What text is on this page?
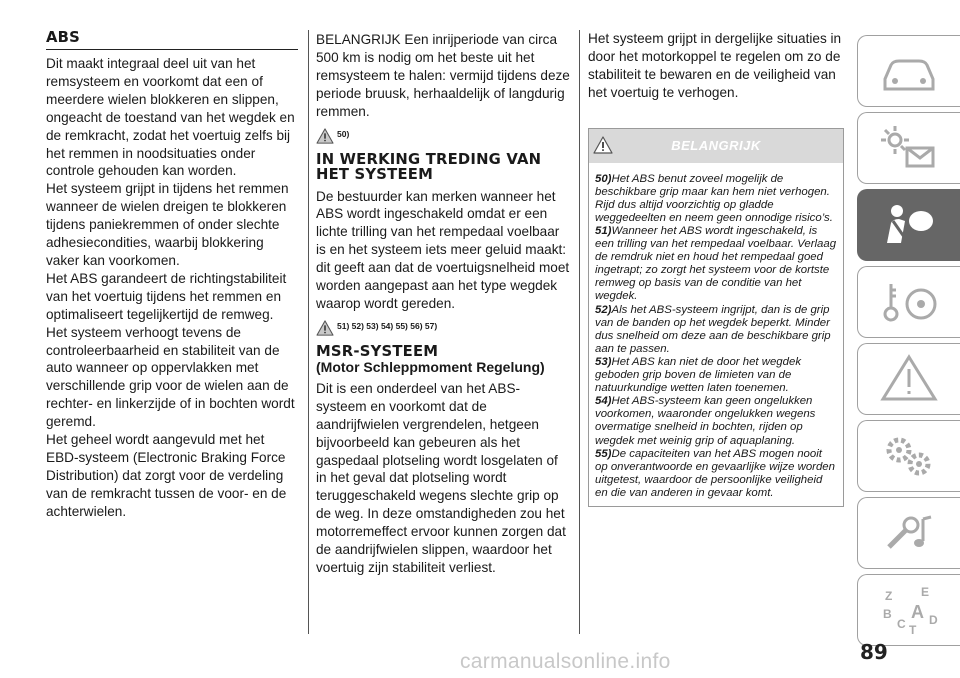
ABS

Dit maakt integraal deel uit van het remsysteem en voorkomt dat een of meerdere wielen blokkeren en slippen, ongeacht de toestand van het wegdek en de remkracht, zodat het voertuig zelfs bij het remmen in noodsituaties onder controle gehouden kan worden.

Het systeem grijpt in tijdens het remmen wanneer de wielen dreigen te blokkeren tijdens paniekremmen of onder slechte adhesiecondities, waarbij blokkering vaker kan voorkomen.

Het ABS garandeert de richtingstabiliteit van het voertuig tijdens het remmen en optimaliseert tegelijkertijd de remweg.

Het systeem verhoogt tevens de controleerbaarheid en stabiliteit van de auto wanneer op oppervlakken met verschillende grip voor de wielen aan de rechter- en linkerzijde of in bochten wordt geremd.

Het geheel wordt aangevuld met het EBD-systeem (Electronic Braking Force Distribution) dat zorgt voor de verdeling van de remkracht tussen de voor- en de achterwielen.

BELANGRIJK Een inrijperiode van circa 500 km is nodig om het beste uit het remsysteem te halen: vermijd tijdens deze periode bruusk, herhaaldelijk of langdurig remmen.

50)
IN WERKING TREDING VAN HET SYSTEEM

De bestuurder kan merken wanneer het ABS wordt ingeschakeld omdat er een lichte trilling van het rempedaal voelbaar is en het systeem iets meer geluid maakt: dit geeft aan dat de voertuigsnelheid moet worden aangepast aan het type wegdek waarop wordt gereden.

51) 52) 53) 54) 55) 56) 57)
MSR-SYSTEEM
(Motor Schleppmoment Regelung)

Dit is een onderdeel van het ABS-systeem en voorkomt dat de aandrijfwielen vergrendelen, hetgeen bijvoorbeeld kan gebeuren als het gaspedaal plotseling wordt losgelaten of in het geval dat plotseling wordt teruggeschakeld wegens slechte grip op de weg. In deze omstandigheden zou het motorremeffect ervoor kunnen zorgen dat de aandrijfwielen slippen, waardoor het voertuig zijn stabiliteit verliest.

Het systeem grijpt in dergelijke situaties in door het motorkoppel te regelen om zo de stabiliteit te bewaren en de veiligheid van het voertuig te verhogen.

BELANGRIJK

50)Het ABS benut zoveel mogelijk de beschikbare grip maar kan hem niet verhogen. Rijd dus altijd voorzichtig op gladde weggedeelten en neem geen onnodige risico’s.

51)Wanneer het ABS wordt ingeschakeld, is een trilling van het rempedaal voelbaar. Verlaag de remdruk niet en houd het rempedaal goed ingetrapt; zo zorgt het systeem voor de kortste remweg op basis van de conditie van het wegdek.

52)Als het ABS-systeem ingrijpt, dan is de grip van de banden op het wegdek beperkt. Minder dus snelheid om deze aan de beschikbare grip aan te passen.

53)Het ABS kan niet de door het wegdek geboden grip boven de limieten van de natuurkundige wetten laten toenemen.

54)Het ABS-systeem kan geen ongelukken voorkomen, waaronder ongelukken wegens overmatige snelheid in bochten, rijden op wegdek met weinig grip of aquaplaning.

55)De capaciteiten van het ABS mogen nooit op onverantwoorde en gevaarlijke wijze worden uitgetest, waardoor de persoonlijke veiligheid en die van anderen in gevaar komt.

Z E
B A
C D
T
carmanualsonline.info	89
